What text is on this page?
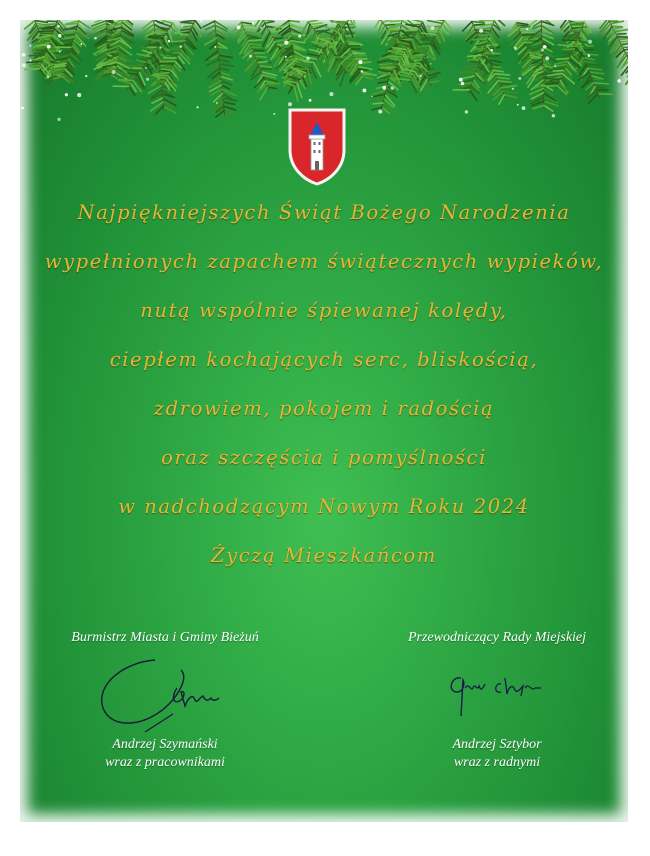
Najpiękniejszych Świąt Bożego Narodzenia
wypełnionych zapachem świątecznych wypieków,
nutą wspólnie śpiewanej kolędy,
ciepłem kochających serc, bliskością,
zdrowiem, pokojem i radością
oraz szczęścia i pomyślności
w nadchodzącym Nowym Roku 2024
Życzą Mieszkańcom
Burmistrz Miasta i Gminy Bieżuń
Andrzej Szymański
wraz z pracownikami
Przewodniczący Rady Miejskiej
Andrzej Sztybor
wraz z radnymi
